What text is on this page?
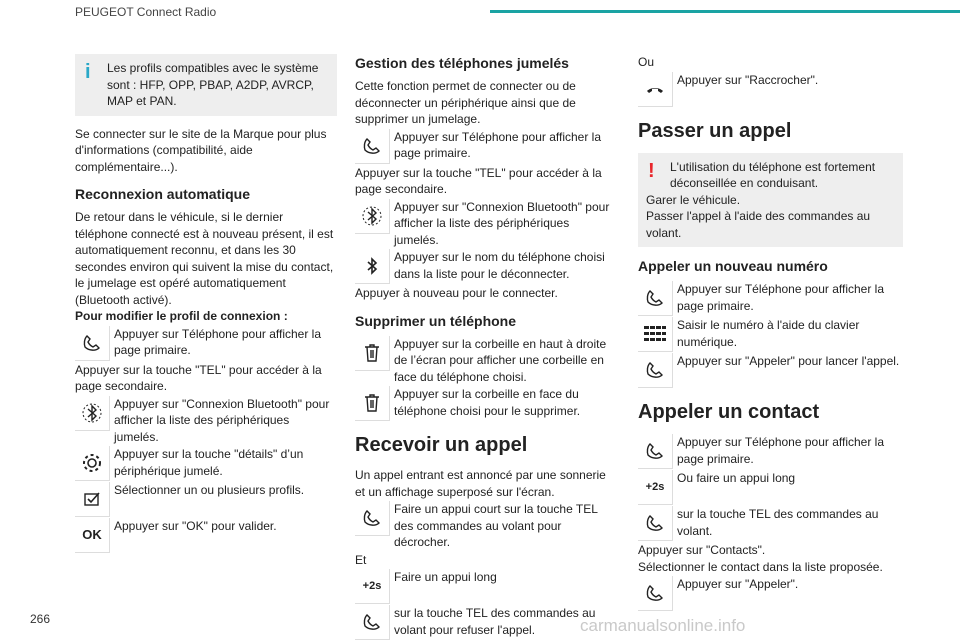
PEUGEOT Connect Radio
i	Les profils compatibles avec le système sont : HFP, OPP, PBAP, A2DP, AVRCP, MAP et PAN.

Se connecter sur le site de la Marque pour plus d'informations (compatibilité, aide complémentaire...).

Reconnexion automatique

De retour dans le véhicule, si le dernier téléphone connecté est à nouveau présent, il est automatiquement reconnu, et dans les 30 secondes environ qui suivent la mise du contact, le jumelage est opéré automatiquement (Bluetooth activé).

Pour modifier le profil de connexion :

Appuyer sur Téléphone pour afficher la page primaire.

Appuyer sur la touche "TEL" pour accéder à la page secondaire.

Appuyer sur "Connexion Bluetooth" pour afficher la liste des périphériques jumelés.

Appuyer sur la touche "détails" d’un périphérique jumelé.

Sélectionner un ou plusieurs profils.

OK

Appuyer sur "OK" pour valider.

Gestion des téléphones jumelés

Cette fonction permet de connecter ou de déconnecter un périphérique ainsi que de supprimer un jumelage.

Appuyer sur Téléphone pour afficher la page primaire.

Appuyer sur la touche "TEL" pour accéder à la page secondaire.

Appuyer sur "Connexion Bluetooth" pour afficher la liste des périphériques jumelés.

Appuyer sur le nom du téléphone choisi dans la liste pour le déconnecter.

Appuyer à nouveau pour le connecter.

Supprimer un téléphone

Appuyer sur la corbeille en haut à droite de l’écran pour afficher une corbeille en face du téléphone choisi.

Appuyer sur la corbeille en face du téléphone choisi pour le supprimer.

Recevoir un appel

Un appel entrant est annoncé par une sonnerie et un affichage superposé sur l'écran.

Faire un appui court sur la touche TEL des commandes au volant pour décrocher.

Et

+2s

Faire un appui long

sur la touche TEL des commandes au volant pour refuser l'appel.

Ou

Appuyer sur "Raccrocher".

Passer un appel
!	L'utilisation du téléphone est fortement déconseillée en conduisant.

Garer le véhicule.

Passer l'appel à l'aide des commandes au volant.

Appeler un nouveau numéro

Appuyer sur Téléphone pour afficher la page primaire.

Saisir le numéro à l'aide du clavier numérique.

Appuyer sur "Appeler" pour lancer l'appel.

Appeler un contact

Appuyer sur Téléphone pour afficher la page primaire.

+2s

Ou faire un appui long

sur la touche TEL des commandes au volant.

Appuyer sur "Contacts".

Sélectionner le contact dans la liste proposée.

Appuyer sur "Appeler".

266	carmanualsonline.info
